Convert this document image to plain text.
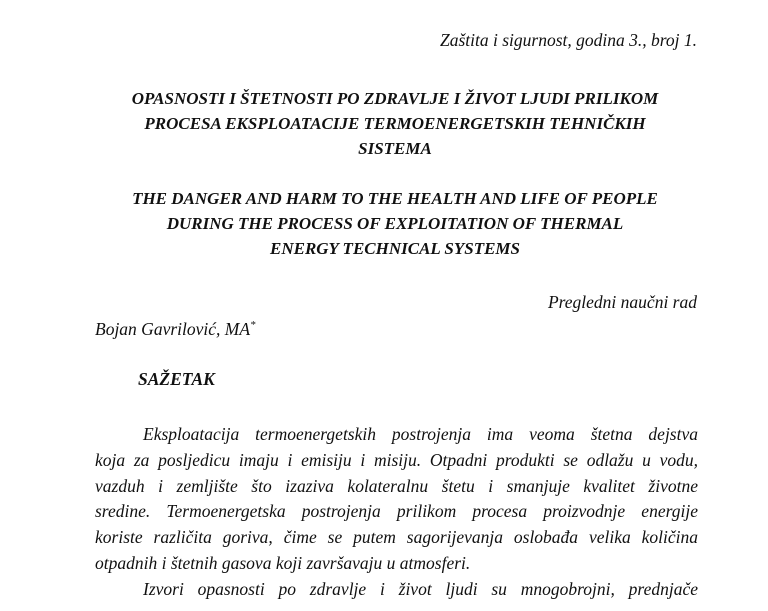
Zaštita i sigurnost, godina 3., broj 1.
OPASNOSTI I ŠTETNOSTI PO ZDRAVLJE I ŽIVOT LJUDI PRILIKOM
PROCESA EKSPLOATACIJE TERMOENERGETSKIH TEHNIČKIH
SISTEMA
THE DANGER AND HARM TO THE HEALTH AND LIFE OF PEOPLE
DURING THE PROCESS OF EXPLOITATION OF THERMAL
ENERGY TECHNICAL SYSTEMS
Pregledni naučni rad
Bojan Gavrilović, MA*
SAŽETAK
Eksploatacija termoenergetskih postrojenja ima veoma štetna dejstva
koja za posljedicu imaju i emisiju i misiju. Otpadni produkti se odlažu u vodu,
vazduh i zemljište što izaziva kolateralnu štetu i smanjuje kvalitet životne
sredine. Termoenergetska postrojenja prilikom procesa proizvodnje energije
koriste različita goriva, čime se putem sagorijevanja oslobađa velika količina
otpadnih i štetnih gasova koji završavaju u atmosferi.
Izvori opasnosti po zdravlje i život ljudi su mnogobrojni, prednjače
